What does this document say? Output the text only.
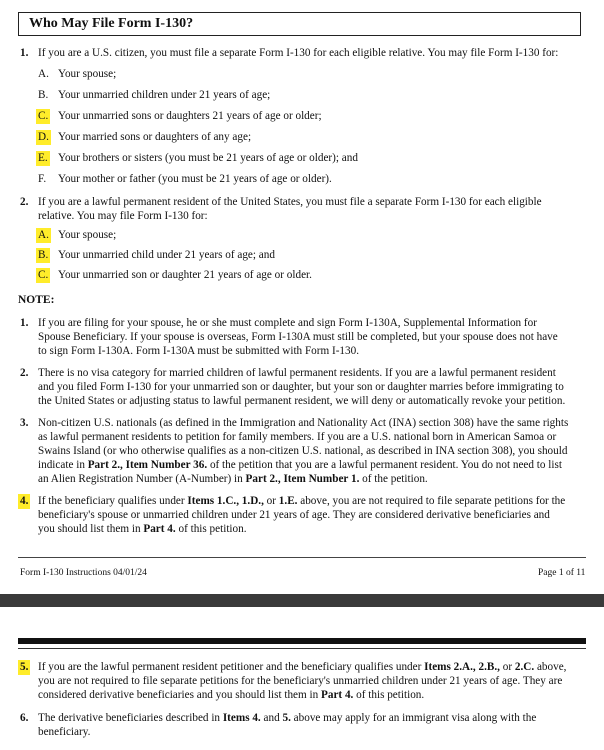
Who May File Form I-130?
1. If you are a U.S. citizen, you must file a separate Form I-130 for each eligible relative. You may file Form I-130 for:
A. Your spouse;
B. Your unmarried children under 21 years of age;
C. Your unmarried sons or daughters 21 years of age or older;
D. Your married sons or daughters of any age;
E. Your brothers or sisters (you must be 21 years of age or older); and
F. Your mother or father (you must be 21 years of age or older).
2. If you are a lawful permanent resident of the United States, you must file a separate Form I-130 for each eligible
relative. You may file Form I-130 for:
A. Your spouse;
B. Your unmarried child under 21 years of age; and
C. Your unmarried son or daughter 21 years of age or older.
NOTE:
1. If you are filing for your spouse, he or she must complete and sign Form I-130A, Supplemental Information for
Spouse Beneficiary. If your spouse is overseas, Form I-130A must still be completed, but your spouse does not have
to sign Form I-130A. Form I-130A must be submitted with Form I-130.
2. There is no visa category for married children of lawful permanent residents. If you are a lawful permanent resident
and you filed Form I-130 for your unmarried son or daughter, but your son or daughter marries before immigrating to
the United States or adjusting status to lawful permanent resident, we will deny or automatically revoke your petition.
3. Non-citizen U.S. nationals (as defined in the Immigration and Nationality Act (INA) section 308) have the same rights
as lawful permanent residents to petition for family members. If you are a U.S. national born in American Samoa or
Swains Island (or who otherwise qualifies as a non-citizen U.S. national, as described in INA section 308), you should
indicate in Part 2., Item Number 36. of the petition that you are a lawful permanent resident. You do not need to list
an Alien Registration Number (A-Number) in Part 2., Item Number 1. of the petition.
4. If the beneficiary qualifies under Items 1.C., 1.D., or 1.E. above, you are not required to file separate petitions for the
beneficiary's spouse or unmarried children under 21 years of age. They are considered derivative beneficiaries and
you should list them in Part 4. of this petition.
Form I-130 Instructions 04/01/24	Page 1 of 11
5. If you are the lawful permanent resident petitioner and the beneficiary qualifies under Items 2.A., 2.B., or 2.C. above,
you are not required to file separate petitions for the beneficiary's unmarried children under 21 years of age. They are
considered derivative beneficiaries and you should list them in Part 4. of this petition.
6. The derivative beneficiaries described in Items 4. and 5. above may apply for an immigrant visa along with the
beneficiary.
